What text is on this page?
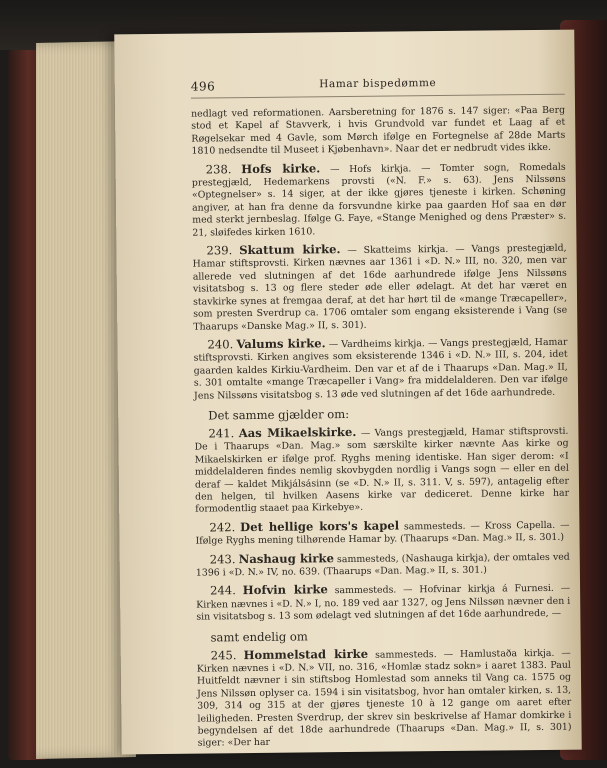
496	Hamar bispedømme

nedlagt ved reformationen. Aarsberetning for 1876 s. 147 siger: «Paa Berg stod et Kapel af Stavverk, i hvis Grundvold var fundet et Laag af et Røgelsekar med 4 Gavle, som Mørch ifølge en Fortegnelse af 28de Marts 1810 nedsendte til Museet i Kjøbenhavn». Naar det er nedbrudt vides ikke.

238. Hofs kirke. — Hofs kirkja. — Tomter sogn, Romedals prestegjæld, Hedemarkens provsti («N. F.» s. 63). Jens Nilssøns «Optegnelser» s. 14 siger, at der ikke gjøres tjeneste i kirken. Schøning angiver, at han fra denne da forsvundne kirke paa gaarden Hof saa en dør med sterkt jernbeslag. Ifølge G. Faye, «Stange Menighed og dens Præster» s. 21, sløifedes kirken 1610.

239. Skattum kirke. — Skatteims kirkja. — Vangs prestegjæld, Hamar stiftsprovsti. Kirken nævnes aar 1361 i «D. N.» III, no. 320, men var allerede ved slutningen af det 16de aarhundrede ifølge Jens Nilssøns visitatsbog s. 13 og flere steder øde eller ødelagt. At det har været en stavkirke synes at fremgaa deraf, at det har hørt til de «mange Træcapeller», som presten Sverdrup ca. 1706 omtaler som engang eksisterende i Vang (se Thaarups «Danske Mag.» II, s. 301).

240. Valums kirke. — Vardheims kirkja. — Vangs prestegjæld, Hamar stiftsprovsti. Kirken angives som eksisterende 1346 i «D. N.» III, s. 204, idet gaarden kaldes Kirkiu-Vardheim. Den var et af de i Thaarups «Dan. Mag.» II, s. 301 omtalte «mange Træcapeller i Vang» fra middelalderen. Den var ifølge Jens Nilssøns visitatsbog s. 13 øde ved slutningen af det 16de aarhundrede.

Det samme gjælder om:

241. Aas Mikaelskirke. — Vangs prestegjæld, Hamar stiftsprovsti. De i Thaarups «Dan. Mag.» som særskilte kirker nævnte Aas kirke og Mikaelskirken er ifølge prof. Ryghs mening identiske. Han siger derom: «I middelalderen findes nemlig skovbygden nordlig i Vangs sogn — eller en del deraf — kaldet Mikjálsásinn (se «D. N.» II, s. 311. V, s. 597), antagelig efter den helgen, til hvilken Aasens kirke var dediceret. Denne kirke har formodentlig staaet paa Kirkebye».

242. Det hellige kors's kapel sammesteds. — Kross Capella. — Ifølge Ryghs mening tilhørende Hamar by. (Thaarups «Dan. Mag.» II, s. 301.)

243. Nashaug kirke sammesteds, (Nashauga kirkja), der omtales ved 1396 i «D. N.» IV, no. 639. (Thaarups «Dan. Mag.» II, s. 301.)

244. Hofvin kirke sammesteds. — Hofvinar kirkja á Furnesi. — Kirken nævnes i «D. N.» I, no. 189 ved aar 1327, og Jens Nilssøn nævner den i sin visitatsbog s. 13 som ødelagt ved slutningen af det 16de aarhundrede, —

samt endelig om

245. Hommelstad kirke sammesteds. — Hamlustaða kirkja. — Kirken nævnes i «D. N.» VII, no. 316, «Homlæ stadz sokn» i aaret 1383. Paul Huitfeldt nævner i sin stiftsbog Homlestad som anneks til Vang ca. 1575 og Jens Nilssøn oplyser ca. 1594 i sin visitatsbog, hvor han omtaler kirken, s. 13, 309, 314 og 315 at der gjøres tjeneste 10 à 12 gange om aaret efter leiligheden. Presten Sverdrup, der skrev sin beskrivelse af Hamar domkirke i begyndelsen af det 18de aarhundrede (Thaarups «Dan. Mag.» II, s. 301) siger: «Der har
